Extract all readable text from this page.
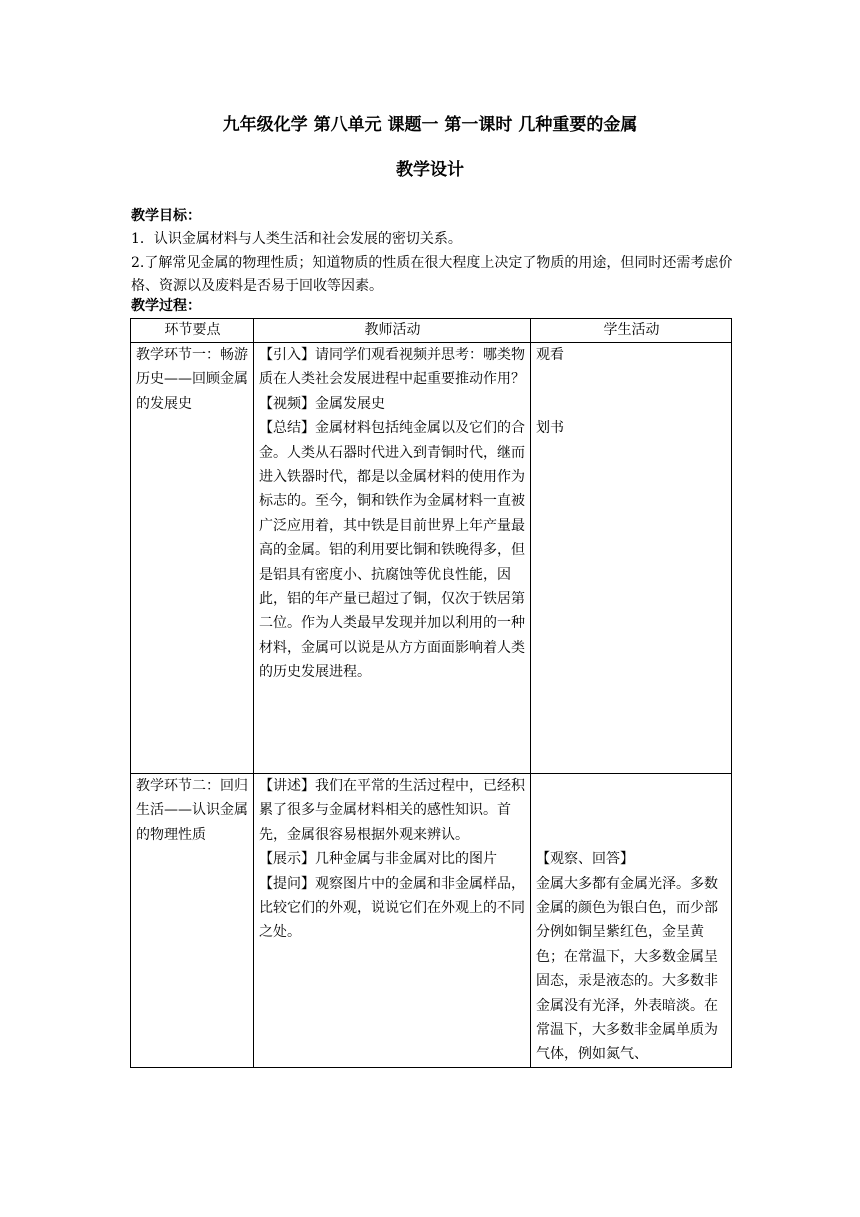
九年级化学 第八单元 课题一 第一课时 几种重要的金属
教学设计
教学目标：
1．认识金属材料与人类生活和社会发展的密切关系。
2.了解常见金属的物理性质；知道物质的性质在很大程度上决定了物质的用途，但同时还需考虑价格、资源以及废料是否易于回收等因素。
教学过程：
环节要点	教师活动	学生活动

教学环节一：畅游历史——回顾金属的发展史	【引入】请同学们观看视频并思考：哪类物质在人类社会发展进程中起重要推动作用？
【视频】金属发展史
【总结】金属材料包括纯金属以及它们的合金。人类从石器时代进入到青铜时代，继而进入铁器时代，都是以金属材料的使用作为标志的。至今，铜和铁作为金属材料一直被广泛应用着，其中铁是目前世界上年产量最高的金属。铝的利用要比铜和铁晚得多，但是铝具有密度小、抗腐蚀等优良性能，因此，铝的年产量已超过了铜，仅次于铁居第二位。作为人类最早发现并加以利用的一种材料，金属可以说是从方方面面影响着人类的历史发展进程。	观看
划书

教学环节二：回归生活——认识金属的物理性质	【讲述】我们在平常的生活过程中，已经积累了很多与金属材料相关的感性知识。首先，金属很容易根据外观来辨认。
【展示】几种金属与非金属对比的图片
【提问】观察图片中的金属和非金属样品，比较它们的外观，说说它们在外观上的不同之处。	【观察、回答】
金属大多都有金属光泽。多数金属的颜色为银白色，而少部分例如铜呈紫红色，金呈黄色；在常温下，大多数金属呈固态，汞是液态的。大多数非金属没有光泽，外表暗淡。在常温下，大多数非金属单质为气体，例如氮气、
